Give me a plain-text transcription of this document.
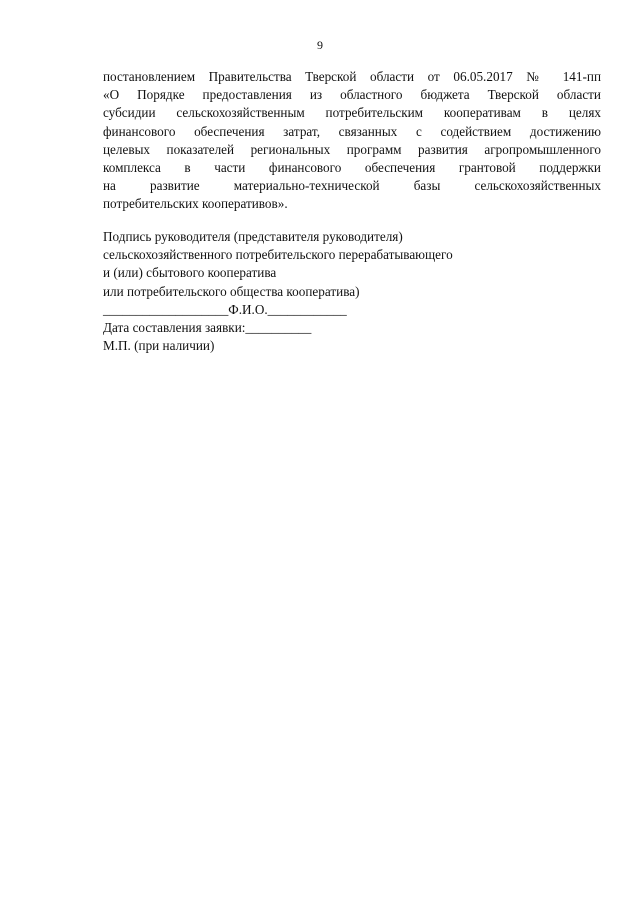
9
постановлением Правительства Тверской области от 06.05.2017 № 141-пп
«О Порядке предоставления из областного бюджета Тверской области
субсидии сельскохозяйственным потребительским кооперативам в целях
финансового обеспечения затрат, связанных с содействием достижению
целевых показателей региональных программ развития агропромышленного
комплекса в части финансового обеспечения грантовой поддержки
на развитие материально-технической базы сельскохозяйственных
потребительских кооперативов».
Подпись руководителя (представителя руководителя)
сельскохозяйственного потребительского перерабатывающего
и (или) сбытового кооператива
или потребительского общества кооператива)
___________________Ф.И.О.____________
Дата составления заявки:__________
М.П. (при наличии)
